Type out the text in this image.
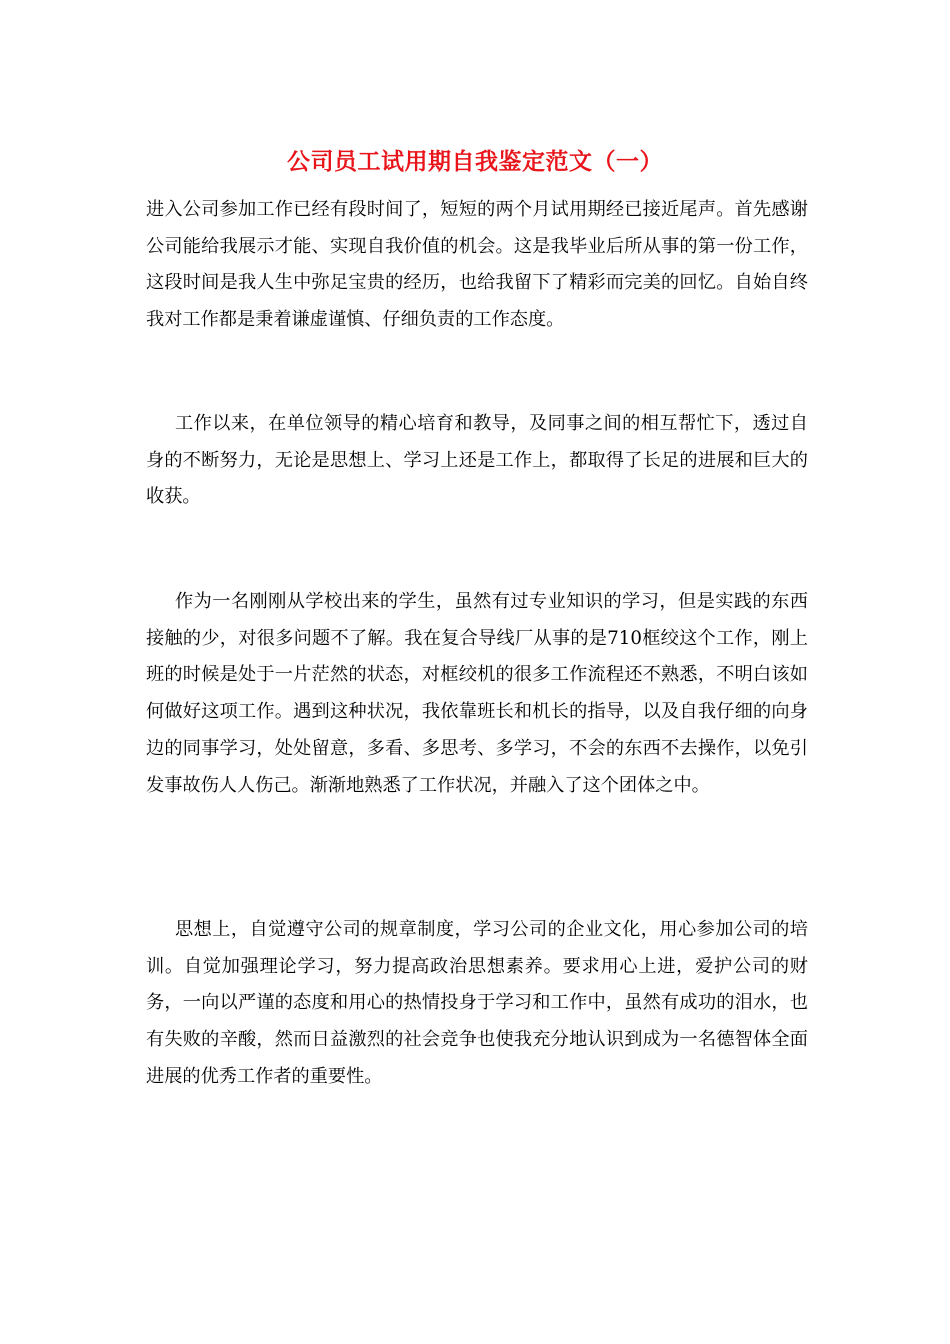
公司员工试用期自我鉴定范文（一）

进入公司参加工作已经有段时间了，短短的两个月试用期经已接近尾声。首先感谢公司能给我展示才能、实现自我价值的机会。这是我毕业后所从事的第一份工作，这段时间是我人生中弥足宝贵的经历，也给我留下了精彩而完美的回忆。自始自终我对工作都是秉着谦虚谨慎、仔细负责的工作态度。

工作以来，在单位领导的精心培育和教导，及同事之间的相互帮忙下，透过自身的不断努力，无论是思想上、学习上还是工作上，都取得了长足的进展和巨大的收获。

作为一名刚刚从学校出来的学生，虽然有过专业知识的学习，但是实践的东西接触的少，对很多问题不了解。我在复合导线厂从事的是710框绞这个工作，刚上班的时候是处于一片茫然的状态，对框绞机的很多工作流程还不熟悉，不明白该如何做好这项工作。遇到这种状况，我依靠班长和机长的指导，以及自我仔细的向身边的同事学习，处处留意，多看、多思考、多学习，不会的东西不去操作，以免引发事故伤人人伤己。渐渐地熟悉了工作状况，并融入了这个团体之中。

思想上，自觉遵守公司的规章制度，学习公司的企业文化，用心参加公司的培训。自觉加强理论学习，努力提高政治思想素养。要求用心上进，爱护公司的财务，一向以严谨的态度和用心的热情投身于学习和工作中，虽然有成功的泪水，也有失败的辛酸，然而日益激烈的社会竞争也使我充分地认识到成为一名德智体全面进展的优秀工作者的重要性。
